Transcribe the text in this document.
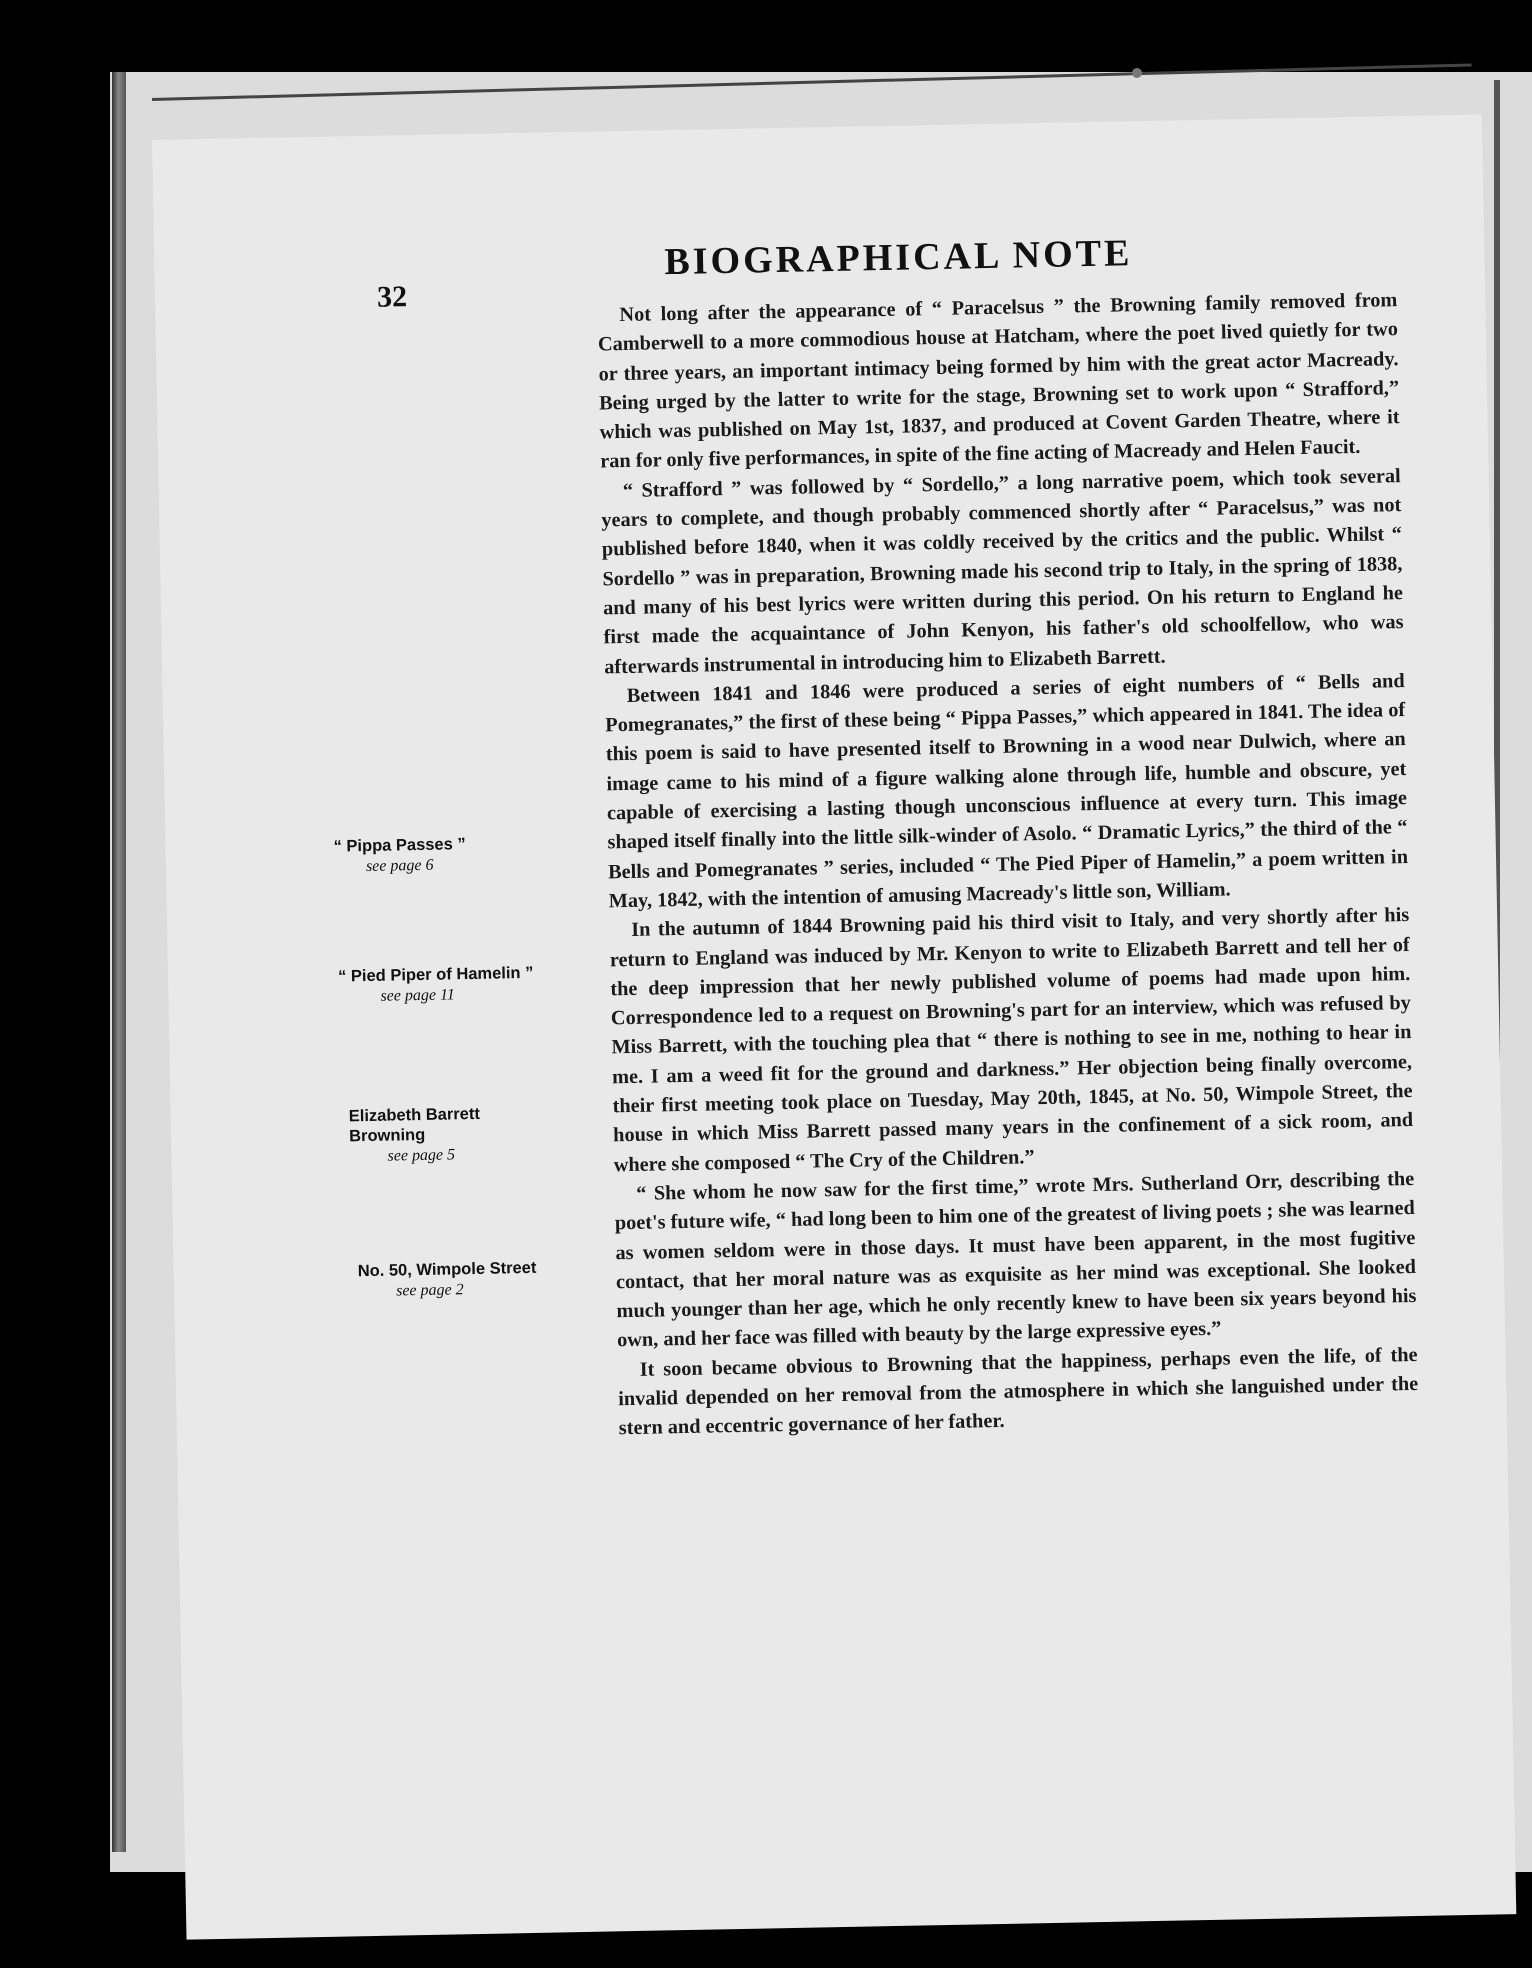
32
BIOGRAPHICAL NOTE

Not long after the appearance of “ Paracelsus ” the Browning family removed from Camberwell to a more commodious house at Hatcham, where the poet lived quietly for two or three years, an important intimacy being formed by him with the great actor Macready. Being urged by the latter to write for the stage, Browning set to work upon “ Strafford,” which was published on May 1st, 1837, and produced at Covent Garden Theatre, where it ran for only five performances, in spite of the fine acting of Macready and Helen Faucit.

“ Strafford ” was followed by “ Sordello,” a long narrative poem, which took several years to complete, and though probably commenced shortly after “ Paracelsus,” was not published before 1840, when it was coldly received by the critics and the public. Whilst “ Sordello ” was in preparation, Browning made his second trip to Italy, in the spring of 1838, and many of his best lyrics were written during this period. On his return to England he first made the acquaintance of John Kenyon, his father's old schoolfellow, who was afterwards instrumental in introducing him to Elizabeth Barrett.

Between 1841 and 1846 were produced a series of eight numbers of “ Bells and Pomegranates,” the first of these being “ Pippa Passes,” which appeared in 1841. The idea of this poem is said to have presented itself to Browning in a wood near Dulwich, where an image came to his mind of a figure walking alone through life, humble and obscure, yet capable of exercising a lasting though unconscious influence at every turn. This image shaped itself finally into the little silk-winder of Asolo. “ Dramatic Lyrics,” the third of the “ Bells and Pomegranates ” series, included “ The Pied Piper of Hamelin,” a poem written in May, 1842, with the intention of amusing Macready's little son, William.

In the autumn of 1844 Browning paid his third visit to Italy, and very shortly after his return to England was induced by Mr. Kenyon to write to Elizabeth Barrett and tell her of the deep impression that her newly published volume of poems had made upon him. Correspondence led to a request on Browning's part for an interview, which was refused by Miss Barrett, with the touching plea that “ there is nothing to see in me, nothing to hear in me. I am a weed fit for the ground and darkness.” Her objection being finally overcome, their first meeting took place on Tuesday, May 20th, 1845, at No. 50, Wimpole Street, the house in which Miss Barrett passed many years in the confinement of a sick room, and where she composed “ The Cry of the Children.”

“ She whom he now saw for the first time,” wrote Mrs. Sutherland Orr, describing the poet's future wife, “ had long been to him one of the greatest of living poets ; she was learned as women seldom were in those days. It must have been apparent, in the most fugitive contact, that her moral nature was as exquisite as her mind was exceptional. She looked much younger than her age, which he only recently knew to have been six years beyond his own, and her face was filled with beauty by the large expressive eyes.”

It soon became obvious to Browning that the happiness, perhaps even the life, of the invalid depended on her removal from the atmosphere in which she languished under the stern and eccentric governance of her father.

“ Pippa Passes ”
see page 6
“ Pied Piper of Hamelin ”
see page 11
Elizabeth Barrett Browning
see page 5
No. 50, Wimpole Street
see page 2
